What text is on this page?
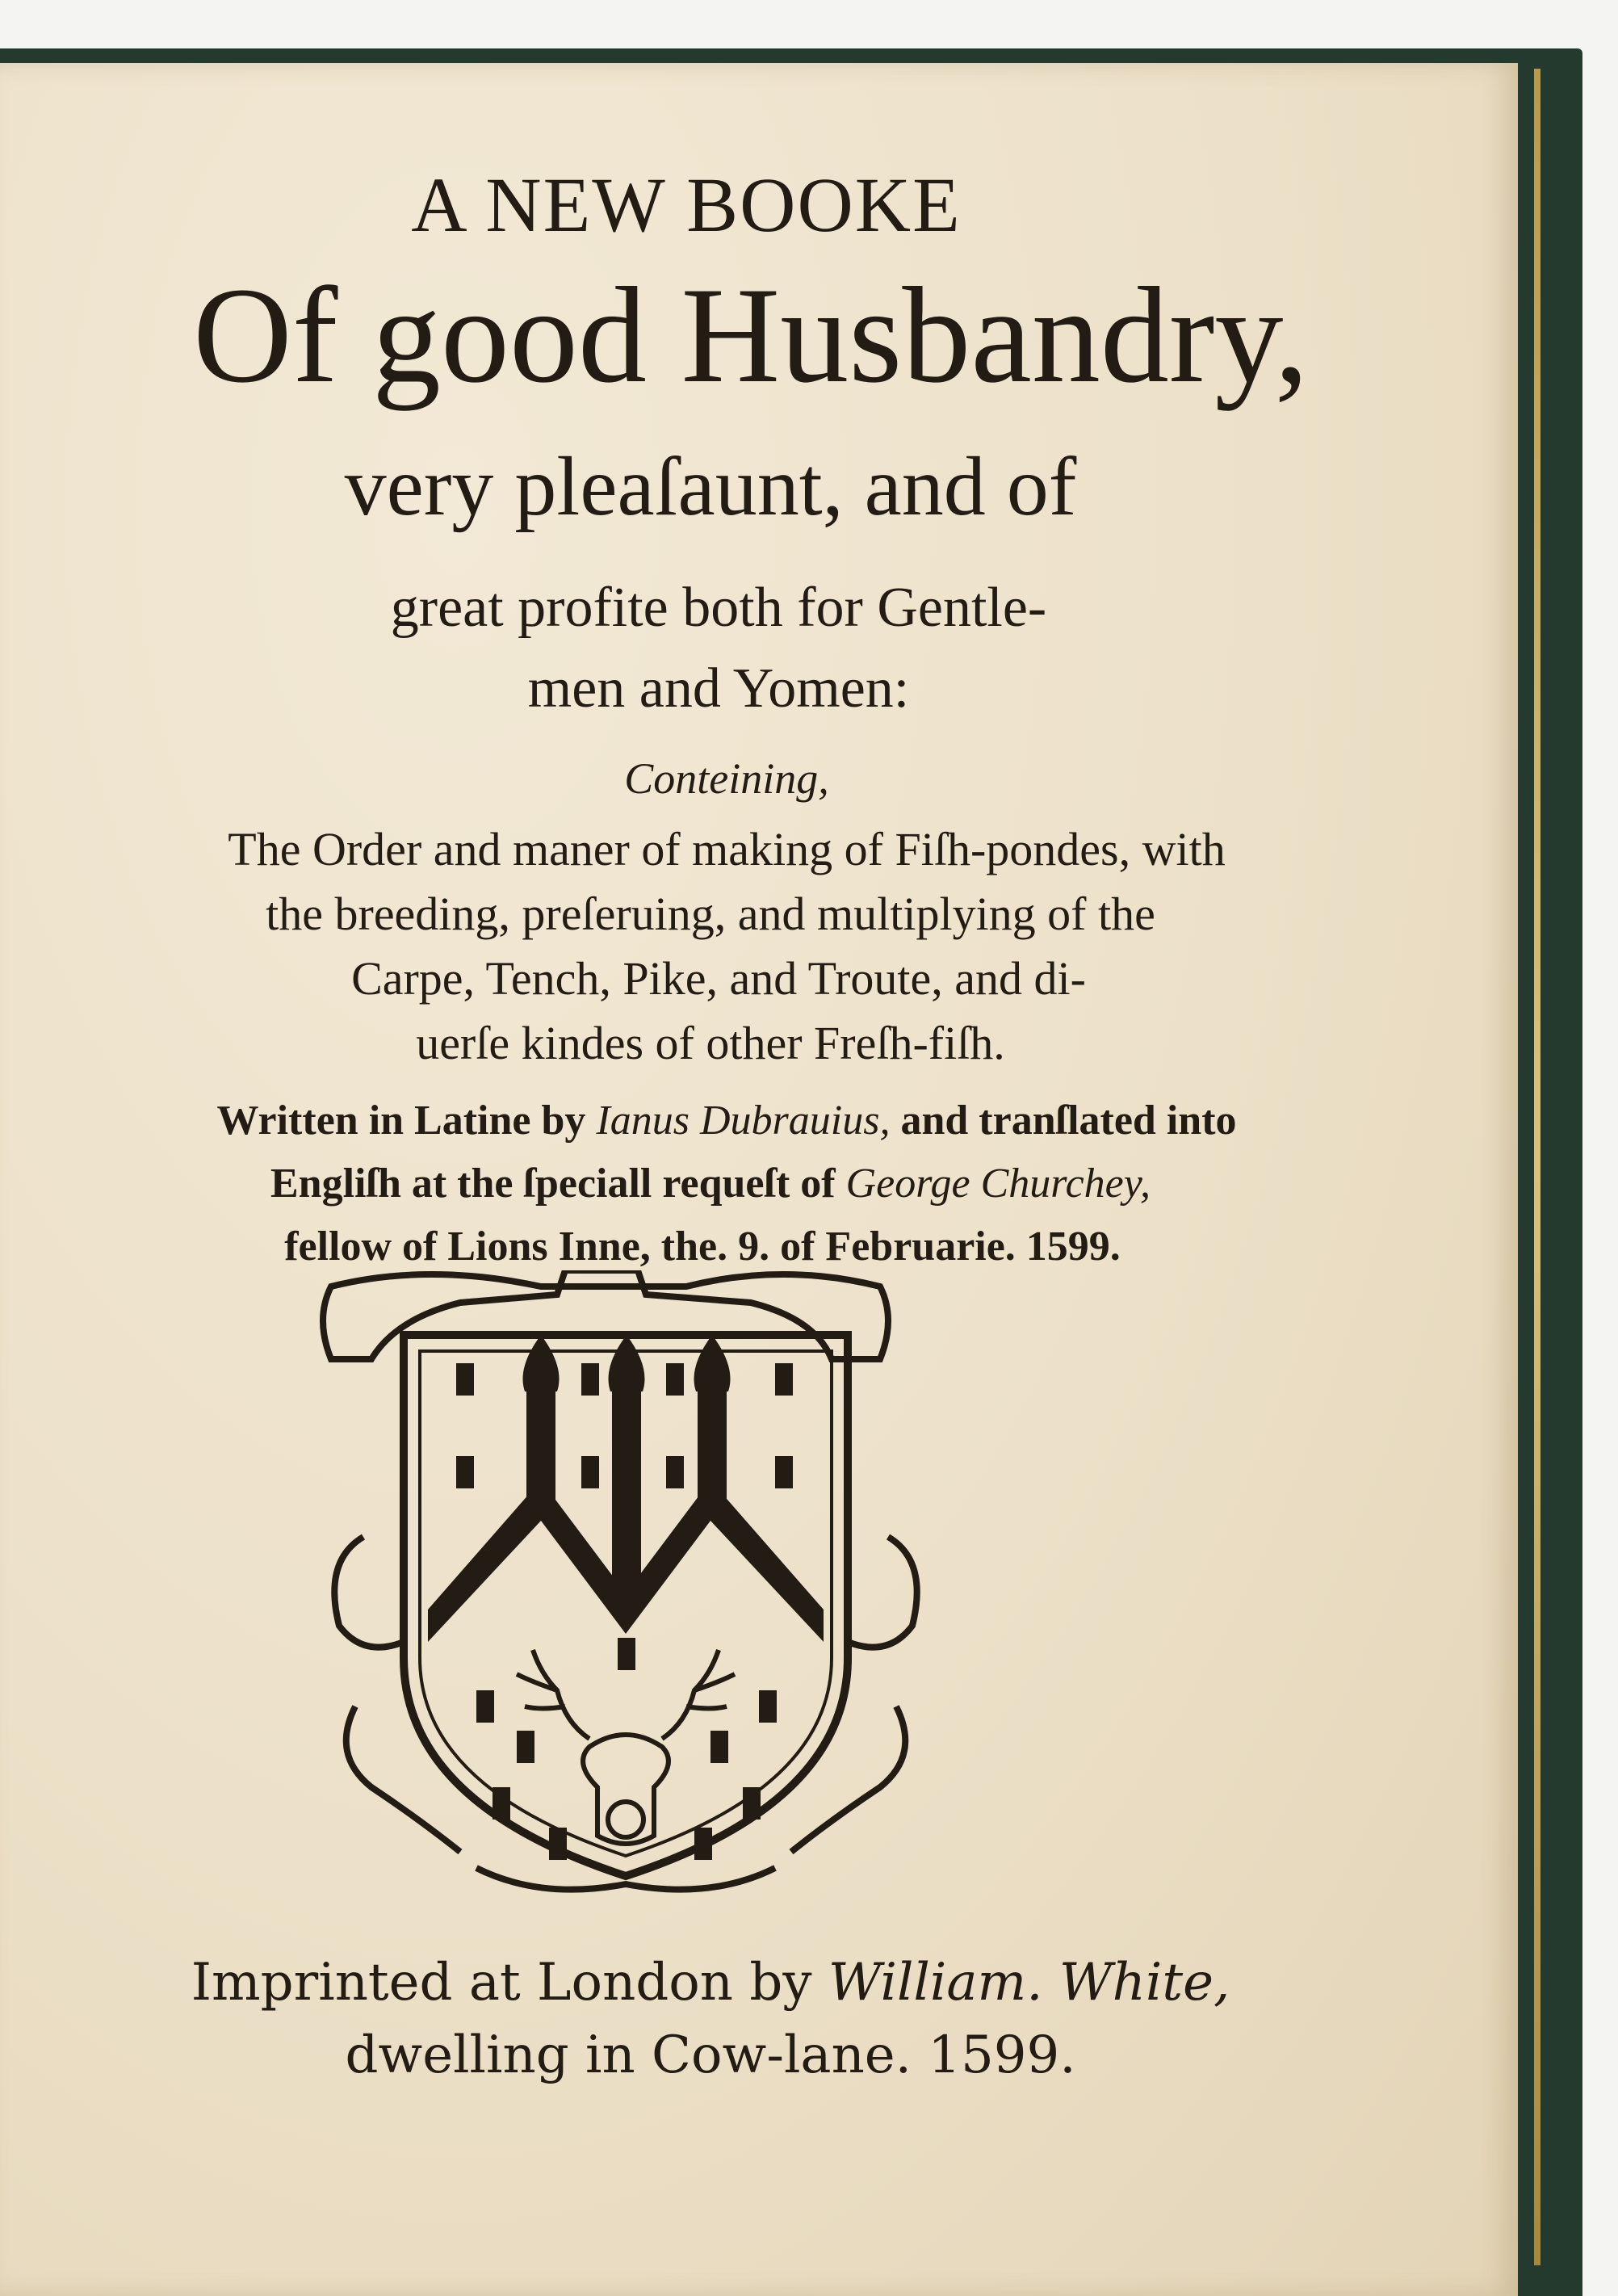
A NEW BOOKE
Of good Husbandry,
very pleaſaunt, and of
great profite both for Gentle-
men and Yomen:
Conteining,
The Order and maner of making of Fiſh-pondes, with
the breeding, preſeruing, and multiplying of the
Carpe, Tench, Pike, and Troute, and di-
uerſe kindes of other Freſh-fiſh.
Written in Latine by Ianus Dubrauius, and tranſlated into
Engliſh at the ſpeciall requeſt of George Churchey,
fellow of Lions Inne, the. 9. of Februarie. 1599.
Imprinted at London by William. White,
dwelling in Cow-lane. 1599.
